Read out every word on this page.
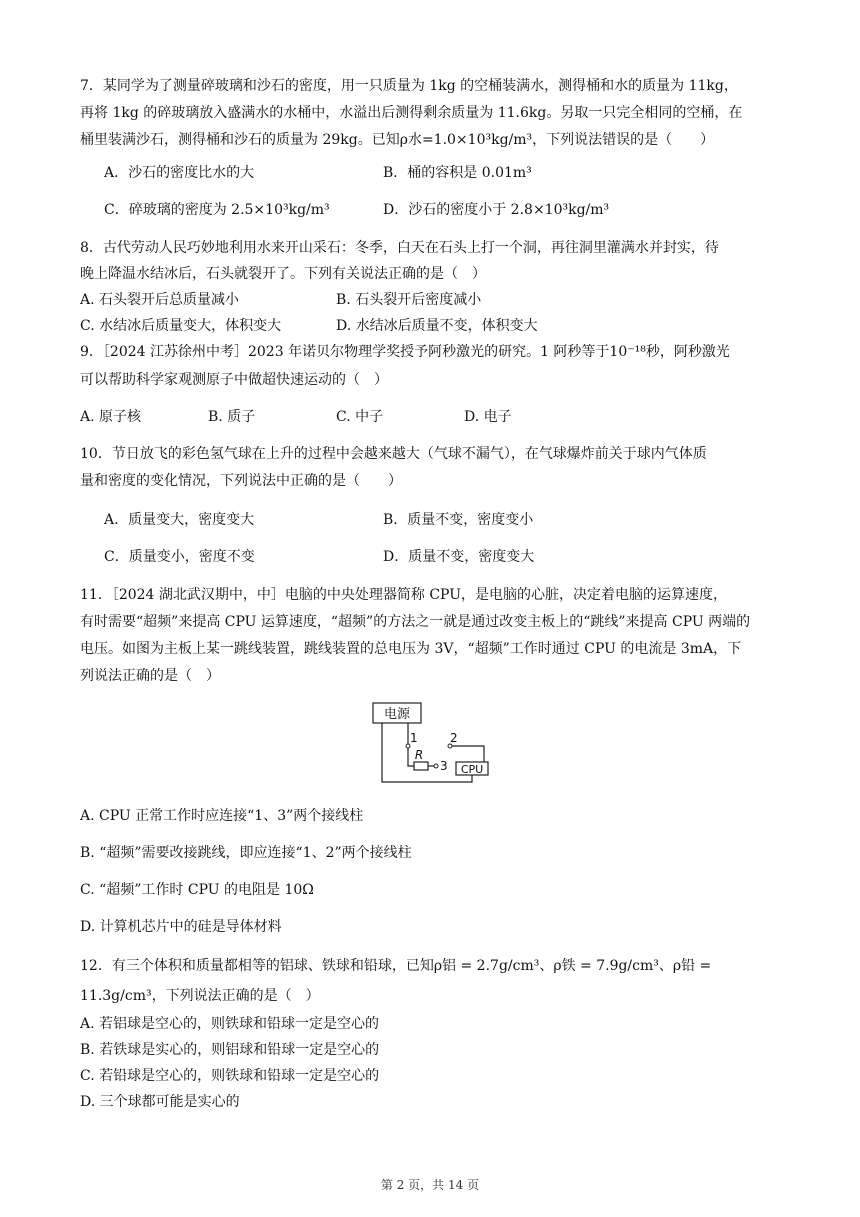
7．某同学为了测量碎玻璃和沙石的密度，用一只质量为 1kg 的空桶装满水，测得桶和水的质量为 11kg，
再将 1kg 的碎玻璃放入盛满水的水桶中，水溢出后测得剩余质量为 11.6kg。另取一只完全相同的空桶，在
桶里装满沙石，测得桶和沙石的质量为 29kg。已知ρ水=1.0×10³kg/m³，下列说法错误的是（　　）
A．沙石的密度比水的大	B．桶的容积是 0.01m³
C．碎玻璃的密度为 2.5×10³kg/m³	D．沙石的密度小于 2.8×10³kg/m³
8．古代劳动人民巧妙地利用水来开山采石：冬季，白天在石头上打一个洞，再往洞里灌满水并封实，待
晚上降温水结冰后，石头就裂开了。下列有关说法正确的是（　）
A. 石头裂开后总质量减小	B. 石头裂开后密度减小
C. 水结冰后质量变大，体积变大	D. 水结冰后质量不变，体积变大
9．［2024 江苏徐州中考］2023 年诺贝尔物理学奖授予阿秒激光的研究。1 阿秒等于10⁻¹⁸秒，阿秒激光
可以帮助科学家观测原子中做超快速运动的（　）
A. 原子核	B. 质子	C. 中子	D. 电子
10．节日放飞的彩色氢气球在上升的过程中会越来越大（气球不漏气），在气球爆炸前关于球内气体质
量和密度的变化情况，下列说法中正确的是（　　）
A．质量变大，密度变大	B．质量不变，密度变小
C．质量变小，密度不变	D．质量不变，密度变大
11．［2024 湖北武汉期中，中］电脑的中央处理器简称 CPU，是电脑的心脏，决定着电脑的运算速度，
有时需要“超频”来提高 CPU 运算速度，“超频”的方法之一就是通过改变主板上的“跳线”来提高 CPU 两端的
电压。如图为主板上某一跳线装置，跳线装置的总电压为 3V，“超频”工作时通过 CPU 的电流是 3mA，下
列说法正确的是（　）
电源
R
1
3
2
CPU
A. CPU 正常工作时应连接“1、3”两个接线柱
B. “超频”需要改接跳线，即应连接“1、2”两个接线柱
C. “超频”工作时 CPU 的电阻是 10Ω
D. 计算机芯片中的硅是导体材料
12．有三个体积和质量都相等的铝球、铁球和铅球，已知ρ铝 = 2.7g/cm³、ρ铁 = 7.9g/cm³、ρ铅 =
11.3g/cm³，下列说法正确的是（　）
A. 若铝球是空心的，则铁球和铅球一定是空心的
B. 若铁球是实心的，则铝球和铅球一定是空心的
C. 若铅球是空心的，则铁球和铅球一定是空心的
D. 三个球都可能是实心的
第 2 页，共 14 页
